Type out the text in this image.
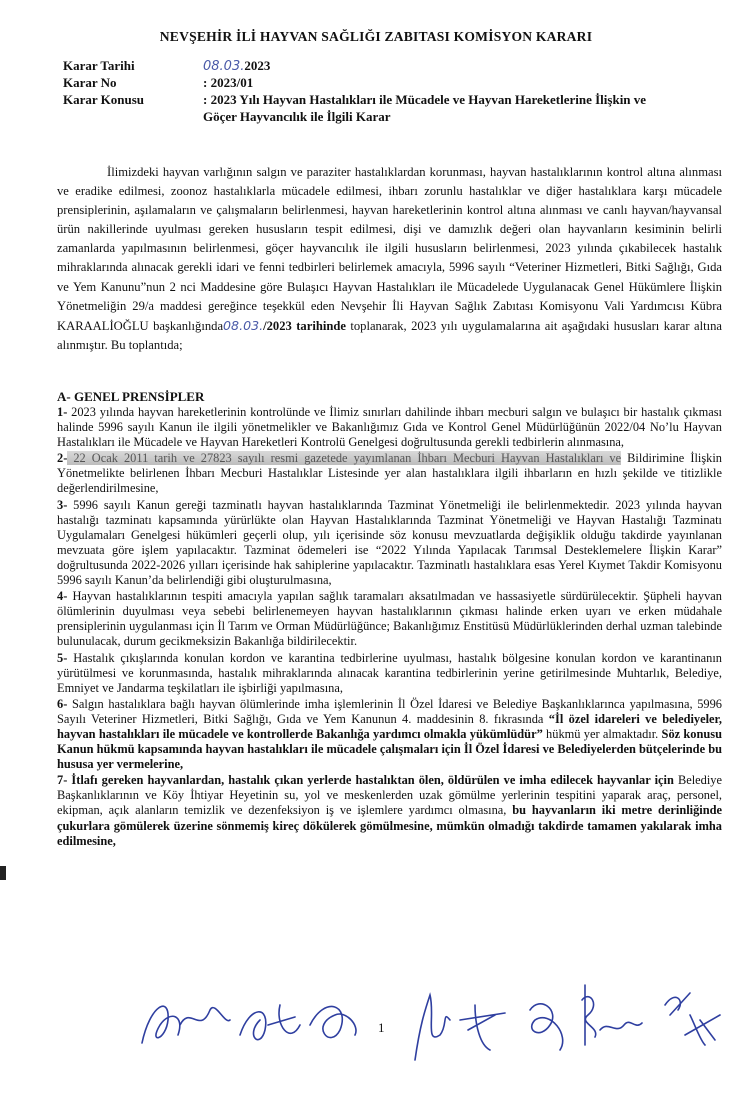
NEVŞEHİR İLİ HAYVAN SAĞLIĞI ZABITASI KOMİSYON KARARI
Karar Tarihi	08.03.2023
Karar No	: 2023/01
Karar Konusu	: 2023 Yılı Hayvan Hastalıkları ile Mücadele ve Hayvan Hareketlerine İlişkin ve
Göçer Hayvancılık ile İlgili Karar

İlimizdeki hayvan varlığının salgın ve paraziter hastalıklardan korunması, hayvan hastalıklarının kontrol altına alınması ve eradike edilmesi, zoonoz hastalıklarla mücadele edilmesi, ihbarı zorunlu hastalıklar ve diğer hastalıklara karşı mücadele prensiplerinin, aşılamaların ve çalışmaların belirlenmesi, hayvan hareketlerinin kontrol altına alınması ve canlı hayvan/hayvansal ürün nakillerinde uyulması gereken hususların tespit edilmesi, dişi ve damızlık değeri olan hayvanların kesiminin belirli zamanlarda yapılmasının belirlenmesi, göçer hayvancılık ile ilgili hususların belirlenmesi, 2023 yılında çıkabilecek hastalık mihraklarında alınacak gerekli idari ve fenni tedbirleri belirlemek amacıyla, 5996 sayılı “Veteriner Hizmetleri, Bitki Sağlığı, Gıda ve Yem Kanunu”nun 2 nci Maddesine göre Bulaşıcı Hayvan Hastalıkları ile Mücadelede Uygulanacak Genel Hükümlere İlişkin Yönetmeliğin 29/a maddesi gereğince teşekkül eden Nevşehir İli Hayvan Sağlık Zabıtası Komisyonu Vali Yardımcısı Kübra KARAALİOĞLU başkanlığında08.03./2023 tarihinde toplanarak, 2023 yılı uygulamalarına ait aşağıdaki hususları karar altına alınmıştır. Bu toplantıda;

A- GENEL PRENSİPLER

1- 2023 yılında hayvan hareketlerinin kontrolünde ve İlimiz sınırları dahilinde ihbarı mecburi salgın ve bulaşıcı bir hastalık çıkması halinde 5996 sayılı Kanun ile ilgili yönetmelikler ve Bakanlığımız Gıda ve Kontrol Genel Müdürlüğünün 2022/04 No’lu Hayvan Hastalıkları ile Mücadele ve Hayvan Hareketleri Kontrolü Genelgesi doğrultusunda gerekli tedbirlerin alınmasına,

2- 22 Ocak 2011 tarih ve 27823 sayılı resmi gazetede yayımlanan İhbarı Mecburi Hayvan Hastalıkları ve Bildirimine İlişkin Yönetmelikte belirlenen İhbarı Mecburi Hastalıklar Listesinde yer alan hastalıklara ilgili ihbarların en hızlı şekilde ve titizlikle değerlendirilmesine,

3- 5996 sayılı Kanun gereği tazminatlı hayvan hastalıklarında Tazminat Yönetmeliği ile belirlenmektedir. 2023 yılında hayvan hastalığı tazminatı kapsamında yürürlükte olan Hayvan Hastalıklarında Tazminat Yönetmeliği ve Hayvan Hastalığı Tazminatı Uygulamaları Genelgesi hükümleri geçerli olup, yılı içerisinde söz konusu mevzuatlarda değişiklik olduğu takdirde yayınlanan mevzuata göre işlem yapılacaktır. Tazminat ödemeleri ise “2022 Yılında Yapılacak Tarımsal Desteklemelere İlişkin Karar” doğrultusunda 2022-2026 yılları içerisinde hak sahiplerine yapılacaktır. Tazminatlı hastalıklara esas Yerel Kıymet Takdir Komisyonu 5996 sayılı Kanun’da belirlendiği gibi oluşturulmasına,

4- Hayvan hastalıklarının tespiti amacıyla yapılan sağlık taramaları aksatılmadan ve hassasiyetle sürdürülecektir. Şüpheli hayvan ölümlerinin duyulması veya sebebi belirlenemeyen hayvan hastalıklarının çıkması halinde erken uyarı ve erken müdahale prensiplerinin uygulanması için İl Tarım ve Orman Müdürlüğünce; Bakanlığımız Enstitüsü Müdürlüklerinden derhal uzman talebinde bulunulacak, durum gecikmeksizin Bakanlığa bildirilecektir.

5- Hastalık çıkışlarında konulan kordon ve karantina tedbirlerine uyulması, hastalık bölgesine konulan kordon ve karantinanın yürütülmesi ve korunmasında, hastalık mihraklarında alınacak karantina tedbirlerinin yerine getirilmesinde Muhtarlık, Belediye, Emniyet ve Jandarma teşkilatları ile işbirliği yapılmasına,

6- Salgın hastalıklara bağlı hayvan ölümlerinde imha işlemlerinin İl Özel İdaresi ve Belediye Başkanlıklarınca yapılmasına, 5996 Sayılı Veteriner Hizmetleri, Bitki Sağlığı, Gıda ve Yem Kanunun 4. maddesinin 8. fıkrasında “İl özel idareleri ve belediyeler, hayvan hastalıkları ile mücadele ve kontrollerde Bakanlığa yardımcı olmakla yükümlüdür” hükmü yer almaktadır. Söz konusu Kanun hükmü kapsamında hayvan hastalıkları ile mücadele çalışmaları için İl Özel İdaresi ve Belediyelerden bütçelerinde bu hususa yer vermelerine,

7- İtlafı gereken hayvanlardan, hastalık çıkan yerlerde hastalıktan ölen, öldürülen ve imha edilecek hayvanlar için Belediye Başkanlıklarının ve Köy İhtiyar Heyetinin su, yol ve meskenlerden uzak gömülme yerlerinin tespitini yaparak araç, personel, ekipman, açık alanların temizlik ve dezenfeksiyon iş ve işlemlere yardımcı olmasına, bu hayvanların iki metre derinliğinde çukurlara gömülerek üzerine sönmemiş kireç dökülerek gömülmesine, mümkün olmadığı takdirde tamamen yakılarak imha edilmesine,

1
